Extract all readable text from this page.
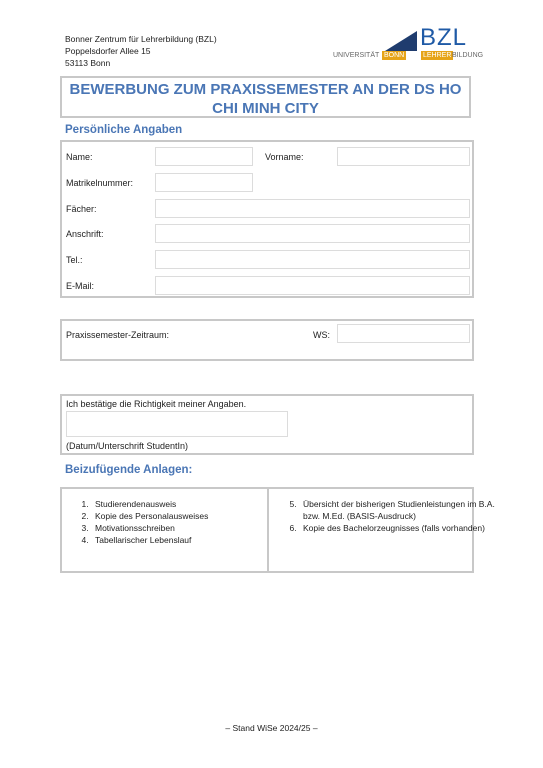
Bonner Zentrum für Lehrerbildung (BZL)
Poppelsdorfer Allee 15
53113 Bonn
BZL
UNIVERSITÄT BONN	LEHRER BILDUNG
BEWERBUNG ZUM PRAXISSEMESTER AN DER DS HO CHI MINH CITY
Persönliche Angaben
Name:	Vorname:
Matrikelnummer:
Fächer:
Anschrift:
Tel.:
E-Mail:
Praxissemester-Zeitraum:	WS:
Ich bestätige die Richtigkeit meiner Angaben.
(Datum/Unterschrift StudentIn)
Beizufügende Anlagen:
1. Studierendenausweis
2. Kopie des Personalausweises
3. Motivationsschreiben
4. Tabellarischer Lebenslauf
5. Übersicht der bisherigen Studienleistungen im B.A. bzw. M.Ed. (BASIS-Ausdruck)
6. Kopie des Bachelorzeugnisses (falls vorhanden)
– Stand WiSe 2024/25 –
